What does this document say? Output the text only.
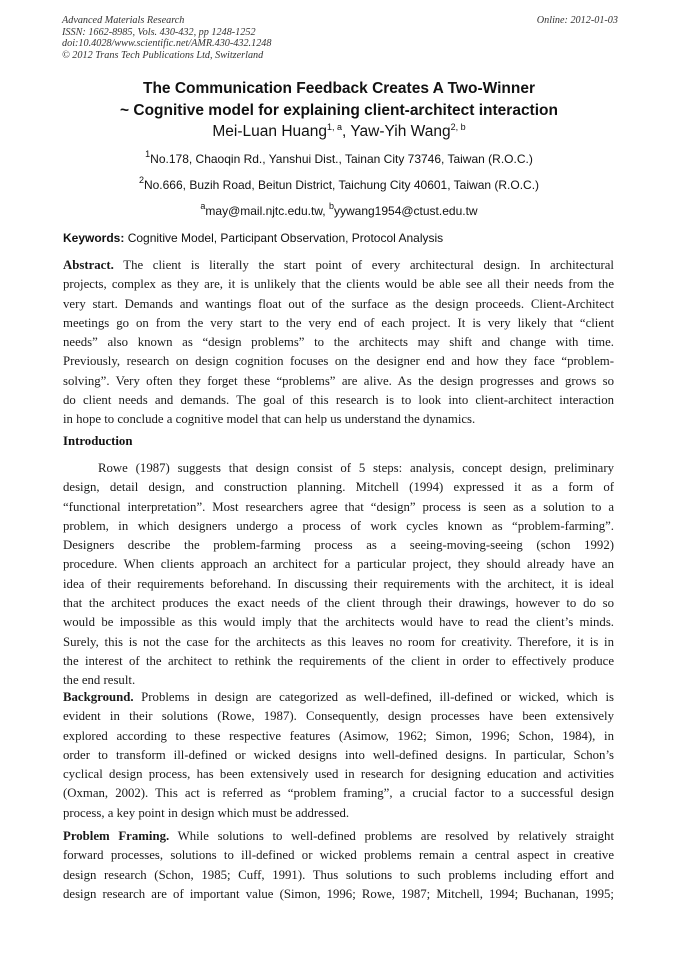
Advanced Materials Research
ISSN: 1662-8985, Vols. 430-432, pp 1248-1252
doi:10.4028/www.scientific.net/AMR.430-432.1248
© 2012 Trans Tech Publications Ltd, Switzerland
Online: 2012-01-03
The Communication Feedback Creates A Two-Winner
~ Cognitive model for explaining client-architect interaction
Mei-Luan Huang$^{1, a}$, Yaw-Yih Wang$^{2, b}$
$^1$No.178, Chaoqin Rd., Yanshui Dist., Tainan City 73746, Taiwan (R.O.C.)
$^2$No.666, Buzih Road, Beitun District, Taichung City 40601, Taiwan (R.O.C.)
$^a$may@mail.njtc.edu.tw, $^b$yywang1954@ctust.edu.tw
Keywords: Cognitive Model, Participant Observation, Protocol Analysis
Abstract. The client is literally the start point of every architectural design. In architectural
projects, complex as they are, it is unlikely that the clients would be able see all their needs from the
very start. Demands and wantings float out of the surface as the design proceeds. Client-Architect
meetings go on from the very start to the very end of each project. It is very likely that “client
needs” also known as “design problems” to the architects may shift and change with time.
Previously, research on design cognition focuses on the designer end and how they face “problem-
solving”. Very often they forget these “problems” are alive. As the design progresses and grows so
do client needs and demands. The goal of this research is to look into client-architect interaction
in hope to conclude a cognitive model that can help us understand the dynamics.
Introduction
Rowe (1987) suggests that design consist of 5 steps: analysis, concept design, preliminary
design, detail design, and construction planning. Mitchell (1994) expressed it as a form of
“functional interpretation”. Most researchers agree that “design” process is seen as a solution to a
problem, in which designers undergo a process of work cycles known as “problem-farming”.
Designers describe the problem-farming process as a seeing-moving-seeing (schon 1992)
procedure. When clients approach an architect for a particular project, they should already have an
idea of their requirements beforehand. In discussing their requirements with the architect, it is ideal
that the architect produces the exact needs of the client through their drawings, however to do so
would be impossible as this would imply that the architects would have to read the client’s minds.
Surely, this is not the case for the architects as this leaves no room for creativity. Therefore, it is in
the interest of the architect to rethink the requirements of the client in order to effectively produce
the end result.
Background. Problems in design are categorized as well-defined, ill-defined or wicked, which is
evident in their solutions (Rowe, 1987). Consequently, design processes have been extensively
explored according to these respective features (Asimow, 1962; Simon, 1996; Schon, 1984), in
order to transform ill-defined or wicked designs into well-defined designs. In particular, Schon’s
cyclical design process, has been extensively used in research for designing education and activities
(Oxman, 2002). This act is referred as “problem framing”, a crucial factor to a successful design
process, a key point in design which must be addressed.
Problem Framing. While solutions to well-defined problems are resolved by relatively straight
forward processes, solutions to ill-defined or wicked problems remain a central aspect in creative
design research (Schon, 1985; Cuff, 1991). Thus solutions to such problems including effort and
design research are of important value (Simon, 1996; Rowe, 1987; Mitchell, 1994; Buchanan, 1995;
